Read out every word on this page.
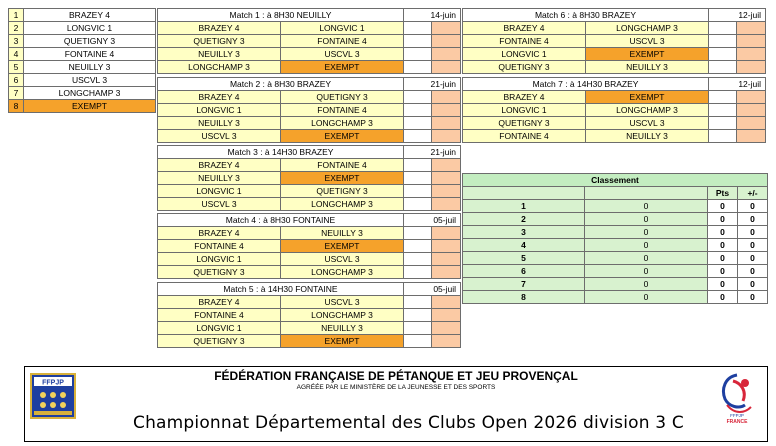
1	BRAZEY 4
2	LONGVIC 1
3	QUETIGNY 3
4	FONTAINE 4
5	NEUILLY 3
6	USCVL 3
7	LONGCHAMP 3
8	EXEMPT
Match 1 : à 8H30 NEUILLY		14-juin	
BRAZEY 4	LONGVIC 1		
QUETIGNY 3	FONTAINE 4		
NEUILLY 3	USCVL 3		
LONGCHAMP 3	EXEMPT		
Match 2 : à 8H30 BRAZEY		21-juin	
BRAZEY 4	QUETIGNY 3		
LONGVIC 1	FONTAINE 4		
NEUILLY 3	LONGCHAMP 3		
USCVL 3	EXEMPT		
Match 3 : à 14H30 BRAZEY		21-juin	
BRAZEY 4	FONTAINE 4		
NEUILLY 3	EXEMPT		
LONGVIC 1	QUETIGNY 3		
USCVL 3	LONGCHAMP 3		
Match 4 : à 8H30 FONTAINE		05-juil	
BRAZEY 4	NEUILLY 3		
FONTAINE 4	EXEMPT		
LONGVIC 1	USCVL 3		
QUETIGNY 3	LONGCHAMP 3		
Match 5 : à 14H30 FONTAINE		05-juil	
BRAZEY 4	USCVL 3		
FONTAINE 4	LONGCHAMP 3		
LONGVIC 1	NEUILLY 3		
QUETIGNY 3	EXEMPT		
Match 6 : à 8H30 BRAZEY		12-juil	
BRAZEY 4	LONGCHAMP 3		
FONTAINE 4	USCVL 3		
LONGVIC 1	EXEMPT		
QUETIGNY 3	NEUILLY 3		
Match 7 : à 14H30 BRAZEY		12-juil	
BRAZEY 4	EXEMPT		
LONGVIC 1	LONGCHAMP 3		
QUETIGNY 3	USCVL 3		
FONTAINE 4	NEUILLY 3		
Classement			
		Pts	+/-
1	0	0	0
2	0	0	0
3	0	0	0
4	0	0	0
5	0	0	0
6	0	0	0
7	0	0	0
8	0	0	0
FFPJP	FÉDÉRATION FRANÇAISE DE PÉTANQUE ET JEU PROVENÇAL
AGRÉÉE PAR LE MINISTÈRE DE LA JEUNESSE ET DES SPORTS
Championnat Départemental des Clubs Open 2026 division 3 C	FFPJP
FRANCE
